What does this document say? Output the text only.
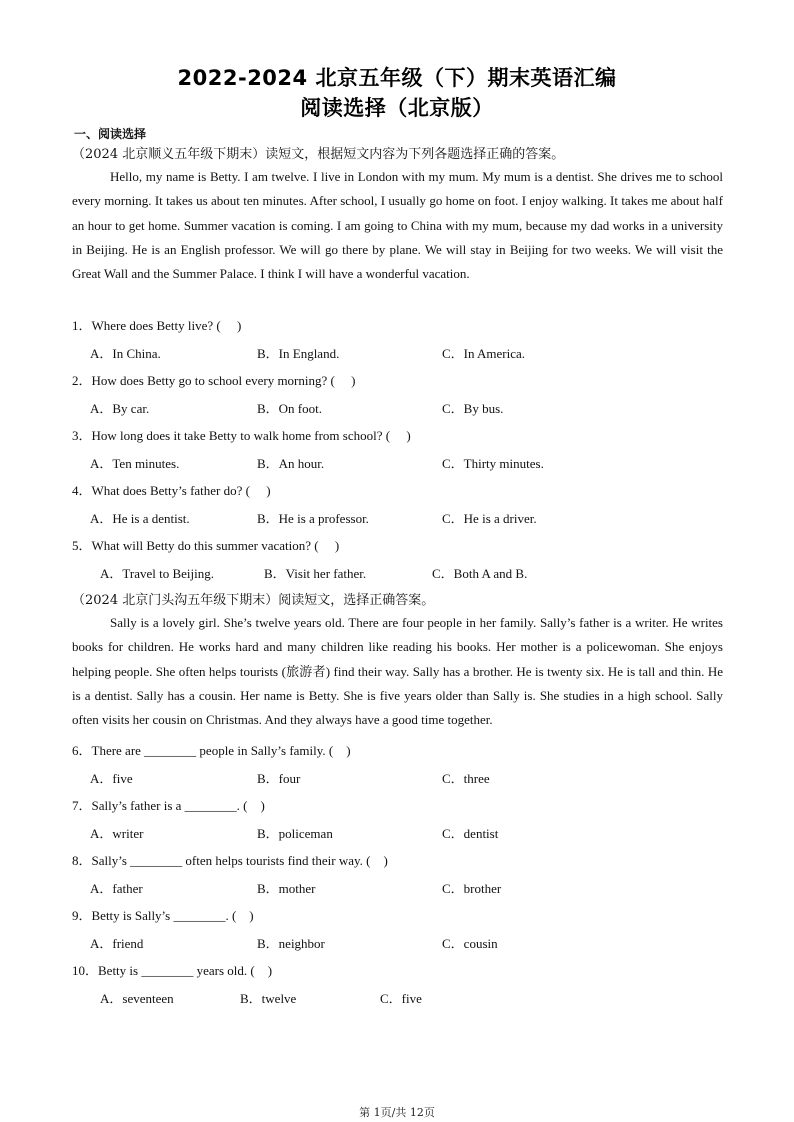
2022-2024 北京五年级（下）期末英语汇编
阅读选择（北京版）
一、阅读选择
（2024 北京顺义五年级下期末）读短文，根据短文内容为下列各题选择正确的答案。

Hello, my name is Betty. I am twelve. I live in London with my mum. My mum is a dentist. She drives me to school every morning. It takes us about ten minutes. After school, I usually go home on foot. I enjoy walking. It takes me about half an hour to get home. Summer vacation is coming. I am going to China with my mum, because my dad works in a university in Beijing. He is an English professor. We will go there by plane. We will stay in Beijing for two weeks. We will visit the Great Wall and the Summer Palace. I think I will have a wonderful vacation.

1．Where does Betty live? (　 )
A．In China.	B．In England.	C．In America.
2．How does Betty go to school every morning? (　 )
A．By car.	B．On foot.	C．By bus.
3．How long does it take Betty to walk home from school? (　 )
A．Ten minutes.	B．An hour.	C．Thirty minutes.
4．What does Betty’s father do? (　 )
A．He is a dentist.	B．He is a professor.	C．He is a driver.
5．What will Betty do this summer vacation? (　 )
A．Travel to Beijing.	B．Visit her father.	C．Both A and B.
（2024 北京门头沟五年级下期末）阅读短文，选择正确答案。

Sally is a lovely girl. She’s twelve years old. There are four people in her family. Sally’s father is a writer. He writes books for children. He works hard and many children like reading his books. Her mother is a policewoman. She enjoys helping people. She often helps tourists (旅游者) find their way. Sally has a brother. He is twenty six. He is tall and thin. He is a dentist. Sally has a cousin. Her name is Betty. She is five years older than Sally is. She studies in a high school. Sally often visits her cousin on Christmas. And they always have a good time together.

6．There are ________ people in Sally’s family. (　)
A．five	B．four	C．three
7．Sally’s father is a ________. (　)
A．writer	B．policeman	C．dentist
8．Sally’s ________ often helps tourists find their way. (　)
A．father	B．mother	C．brother
9．Betty is Sally’s ________. (　)
A．friend	B．neighbor	C．cousin
10．Betty is ________ years old. (　)
A．seventeen	B．twelve	C．five
第 1页/共 12页
